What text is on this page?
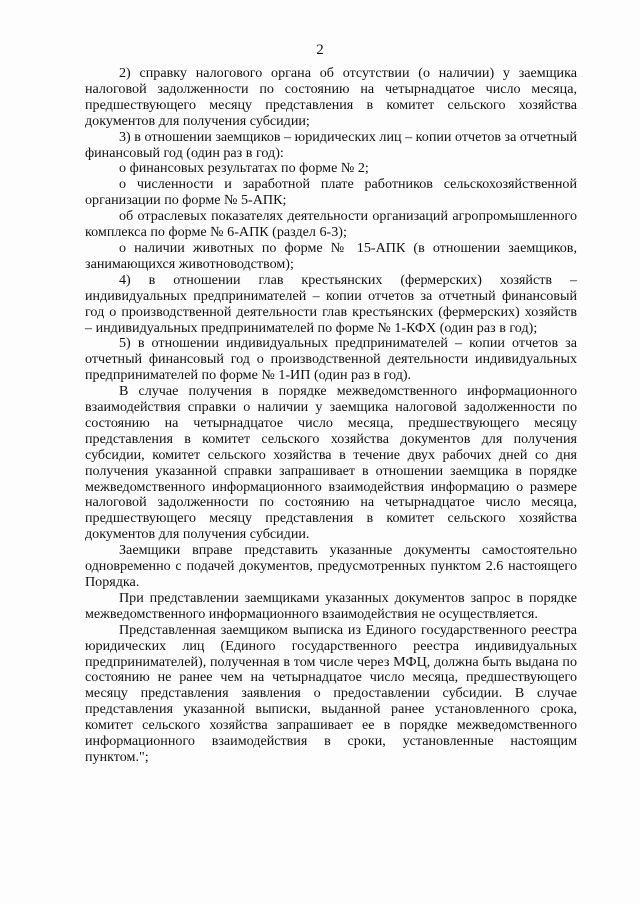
2

2) справку налогового органа об отсутствии (о наличии) у заемщика налоговой задолженности по состоянию на четырнадцатое число месяца, предшествующего месяцу представления в комитет сельского хозяйства документов для получения субсидии;

3) в отношении заемщиков – юридических лиц – копии отчетов за отчетный финансовый год (один раз в год):

о финансовых результатах по форме № 2;

о численности и заработной плате работников сельскохозяйственной организации по форме № 5-АПК;

об отраслевых показателях деятельности организаций агропромышленного комплекса по форме № 6-АПК (раздел 6-3);

о наличии животных по форме № 15-АПК (в отношении заемщиков, занимающихся животноводством);

4) в отношении глав крестьянских (фермерских) хозяйств – индивидуальных предпринимателей – копии отчетов за отчетный финансовый год о производственной деятельности глав крестьянских (фермерских) хозяйств – индивидуальных предпринимателей по форме № 1-КФХ (один раз в год);

5) в отношении индивидуальных предпринимателей – копии отчетов за отчетный финансовый год о производственной деятельности индивидуальных предпринимателей по форме № 1-ИП (один раз в год).

В случае получения в порядке межведомственного информационного взаимодействия справки о наличии у заемщика налоговой задолженности по состоянию на четырнадцатое число месяца, предшествующего месяцу представления в комитет сельского хозяйства документов для получения субсидии, комитет сельского хозяйства в течение двух рабочих дней со дня получения указанной справки запрашивает в отношении заемщика в порядке межведомственного информационного взаимодействия информацию о размере налоговой задолженности по состоянию на четырнадцатое число месяца, предшествующего месяцу представления в комитет сельского хозяйства документов для получения субсидии.

Заемщики вправе представить указанные документы самостоятельно одновременно с подачей документов, предусмотренных пунктом 2.6 настоящего Порядка.

При представлении заемщиками указанных документов запрос в порядке межведомственного информационного взаимодействия не осуществляется.

Представленная заемщиком выписка из Единого государственного реестра юридических лиц (Единого государственного реестра индивидуальных предпринимателей), полученная в том числе через МФЦ, должна быть выдана по состоянию не ранее чем на четырнадцатое число месяца, предшествующего месяцу представления заявления о предоставлении субсидии. В случае представления указанной выписки, выданной ранее установленного срока, комитет сельского хозяйства запрашивает ее в порядке межведомственного информационного взаимодействия в сроки, установленные настоящим пунктом.";
